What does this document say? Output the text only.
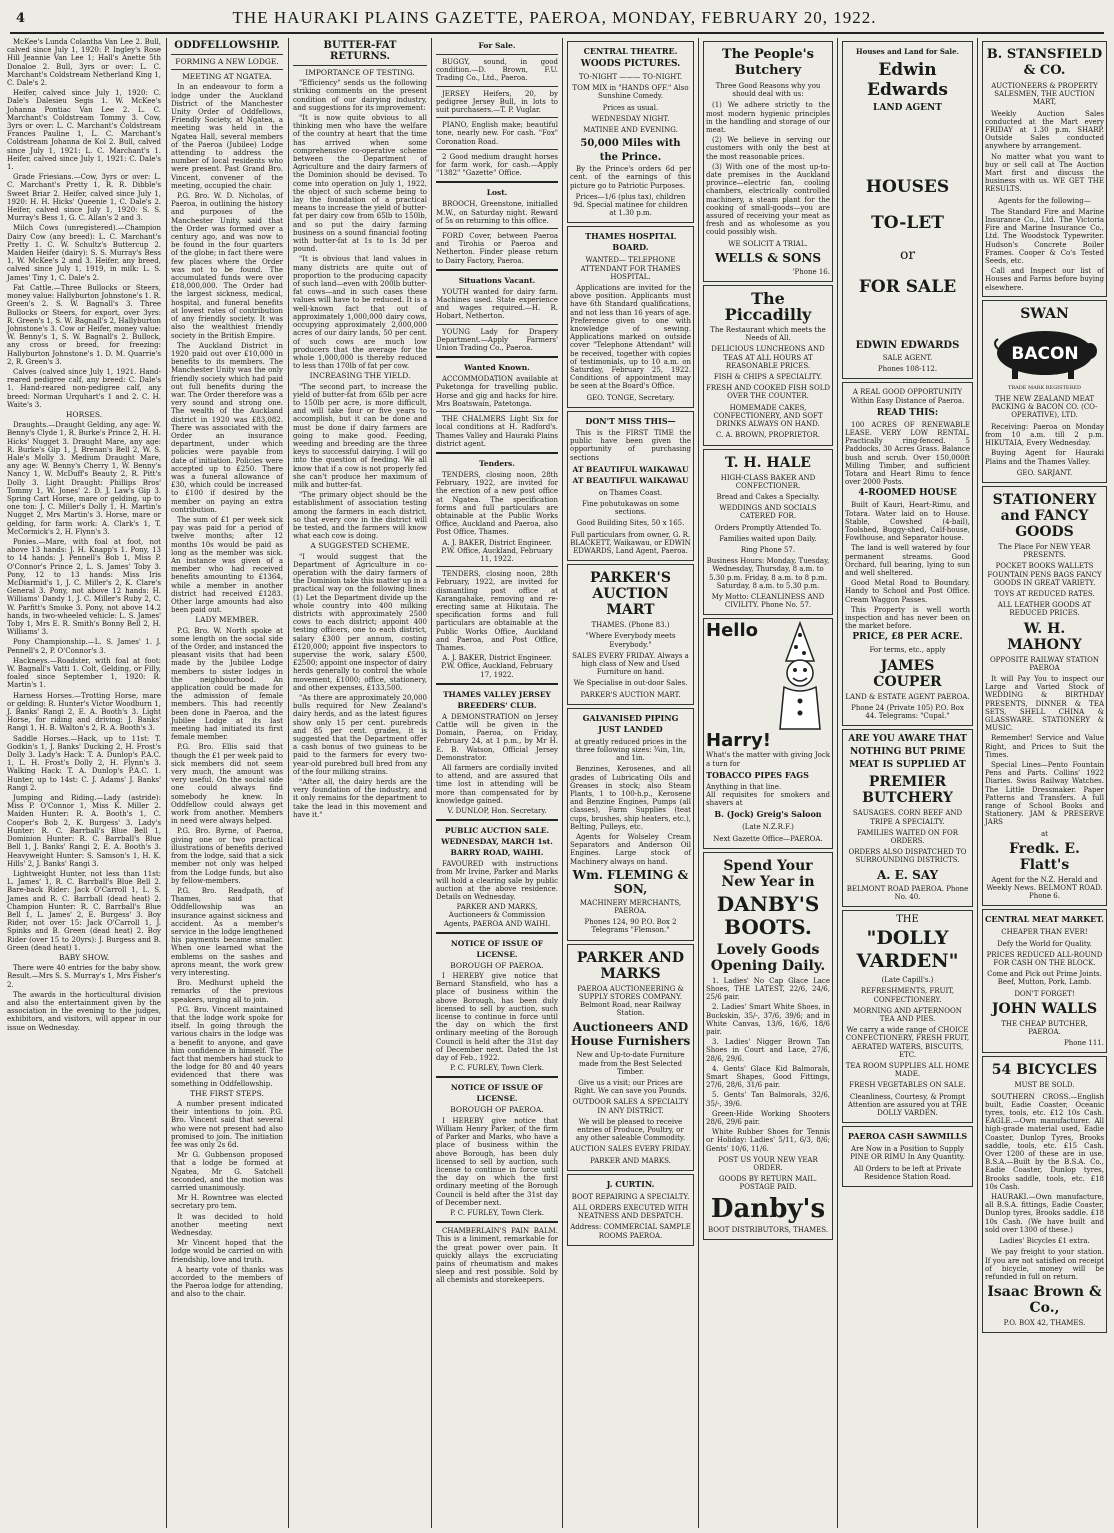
4	THE HAURAKI PLAINS GAZETTE, PAEROA, MONDAY, FEBRUARY 20, 1922.

McKee's Lunda Colantha Van Lee 2. Bull, calved since July 1, 1920: P. Ingley's Rose Hill Jeannie Van Lee 1; Hall's Anette 5th Donaloe 2. Bull, 3yrs or over: L. C. Marchant's Coldstream Netherland King 1, C. Dale's 2.

Heifer, calved since July 1, 1920: C. Dale's Dalesieu Segis 1. W. McKee's Johanna Pontiac Van Lee 2. L. C. Marchant's Coldstream Tommy 3. Cow, 3yrs or over: L. C. Marchant's Coldstream Frances Pauline 1, L. C. Marchant's Coldstream Johanna de Kol 2. Bull, calved since July 1, 1921: L. C. Marchant's 1. Heifer, calved since July 1, 1921: C. Dale's 1.

Grade Friesians.—Cow, 3yrs or over: L. C. Marchant's Pretty 1, R. R. Dibble's Sweet Briar 2. Heifer, calved since July 1, 1920: H. H. Hicks' Queenie 1, C. Dale's 2. Heifer, calved since July 1, 1920: S. S. Murray's Bess 1, G. C. Allan's 2 and 3.

Milch Cows (unregistered).—Champion Dairy Cow (any breed): L. C. Marchant's Pretty 1. C. W. Schultz's Buttercup 2. Maiden Heifer (dairy): S. S. Murray's Bess 1, W. McKee's 2 and 3. Heifer, any breed, calved since July 1, 1919, in milk: L. S. James' Tiny 1, C. Dale's 2.

Fat Cattle.—Three Bullocks or Steers, money value: Hallyburton Johnstone's 1. R. Green's 2. S. W. Bagnall's 3. Three Bullocks or Steers, for export, over 3yrs: R. Green's 1, S. W. Bagnall's 2, Hallyburton Johnstone's 3. Cow or Heifer, money value: W. Benny's 1, S. W. Bagnall's 2. Bullock, any cross or breed, for freezing: Hallyburton Johnstone's 1. D. M. Quarrie's 2, R. Green's 3.

Calves (calved since July 1, 1921. Hand-reared pedigree calf, any breed: C. Dale's 1. Hand-reared non-pedigree calf, any breed: Norman Urquhart's 1 and 2. C. H. Waite's 3.

HORSES.

Draughts.—Draught Gelding, any age: W. Benny's Clyde 1, R. Burke's Prince 2, H. H. Hicks' Nugget 3. Draught Mare, any age: R. Burke's Gip 1, J. Brenan's Bell 2, W. S. Hale's Molly 3. Medium Draught Mare, any age: W. Benny's Cherry 1, W. Benny's Nancy 1, W. McDuff's Beauty 2, R. Pitt's Dolly 3. Light Draught: Phillips Bros' Tommy 1, W. Jones' 2. D. J. Law's Gip 3. Spring Cart Horse, mare or gelding, up to one ton: J. C. Miller's Dolly 1, H. Martin's Nugget 2, Mrs Martin's 3. Horse, mare or gelding, for farm work: A. Clark's 1, T. McCormick's 2, H. Flynn's 3.

Ponies.—Mare, with foal at foot, not above 13 hands: J. H. Knapp's 1. Pony, 13 to 14 hands: J. Pennell's Bob 1, Miss P. O'Connor's Prince 2, L. S. James' Toby 3. Pony, 12 to 13 hands: Miss Iris McDiarmid's 1, J. C. Miller's 2, K. Clare's General 3. Pony, not above 12 hands: H. Williams' Dandy 1, J. C. Miller's Ruby 2, C. W. Parfitt's Smoke 3. Pony, not above 14.2 hands, in two-wheeled vehicle: L. S. James' Toby 1, Mrs E. R. Smith's Bonny Bell 2, H. Williams' 3.

Pony Championship.—L. S. James' 1. J. Pennell's 2, P. O'Connor's 3.

Hackneys.—Roadster, with foal at foot: W. Bagnall's Vatti 1. Colt, Gelding, or Filly, foaled since September 1, 1920: R. Martin's 1.

Harness Horses.—Trotting Horse, mare or gelding: R. Hunter's Victor Woodburn 1, J. Banks' Rangi 2, E. A. Booth's 3. Light Horse, for riding and driving: J. Banks' Rangi 1, H. B. Walton's 2, R. A. Booth's 3.

Saddle Horses.—Hack, up to 11st: T. Godkin's 1, J. Banks' Ducking 2, H. Frost's Dolly 3. Lady's Hack: T. A. Dunlop's P.A.C. 1, L. H. Frost's Dolly 2, H. Flynn's 3. Walking Hack: T. A. Dunlop's P.A.C. 1. Hunter, up to 14st: C. J. Adams' J. Banks' Rangi 2.

Jumping and Riding.—Lady (astride): Miss P. O'Connor 1, Miss K. Miller 2. Maiden Hunter: R. A. Booth's 1, C. Cooper's Bob 2, K. Burgess' 3. Lady's Hunter: R. C. Barrball's Blue Bell 1, Dominion Hunter: R. C. Barrball's Blue Bell 1, J. Banks' Rangi 2, E. A. Booth's 3. Heavyweight Hunter: S. Samson's 1, H. K. Hills' 2, J. Banks' Rangi 3.

Lightweight Hunter, not less than 11st: L. James' 1, R. C. Barrball's Blue Bell 2. Bare-back Rider: Jack O'Carroll 1, L. S. James and R. C. Barrball (dead heat) 2. Champion Hunter: R. C. Barrball's Blue Bell 1, L. James' 2, E. Burgess' 3. Boy Rider, not over 15: Jack O'Carroll 1, J. Spinks and B. Green (dead heat) 2. Boy Rider (over 15 to 20yrs): J. Burgess and B. Green (dead heat) 1.

BABY SHOW.

There were 40 entries for the baby show. Result.—Mrs S. S. Murray's 1, Mrs Fisher's 2.

The awards in the horticultural division and also the entertainment given by the association in the evening to the judges, exhibitors, and visitors, will appear in our issue on Wednesday.

ODDFELLOWSHIP.
FORMING A NEW LODGE.
MEETING AT NGATEA.

In an endeavour to form a lodge under the Auckland District of the Manchester Unity Order of Oddfellows, Friendly Society, at Ngatea, a meeting was held in the Ngatea Hall, several members of the Paeroa (Jubilee) Lodge attending to address the number of local residents who were present. Past Grand Bro. Vincent, convener of the meeting, occupied the chair.

P.G. Bro. W. D. Nicholas, of Paeroa, in outlining the history and purposes of the Manchester Unity, said that the Order was formed over a century ago, and was now to be found in the four quarters of the globe; in fact there were few places where the Order was not to be found. The accumulated funds were over £18,000,000. The Order had the largest sickness, medical, hospital, and funeral benefits at lowest rates of contribution of any friendly society. It was also the wealthiest friendly society in the British Empire.

The Auckland District in 1920 paid out over £10,000 in benefits to its members. The Manchester Unity was the only friendly society which had paid out full benefits during the war. The Order therefore was a very sound and strong one. The wealth of the Auckland district in 1920 was £83,082. There was associated with the Order an insurance department, under which policies were payable from date of initiation. Policies were accepted up to £250. There was a funeral allowance of £30, which could be increased to £100 if desired by the member on paying an extra contribution.

The sum of £1 per week sick pay was paid for a period of twelve months; after 12 months 10s would be paid as long as the member was sick. An instance was given of a member who had received benefits amounting to £1364, while a member in another district had received £1283. Other large amounts had also been paid out.

LADY MEMBER.

P.G. Bro. W. North spoke at some length on the social side of the Order, and instanced the pleasant visits that had been made by the Jubilee Lodge members to sister lodges in the neighbourhood. An application could be made for the admission of female members. This had recently been done in Paeroa, and the Jubilee Lodge at its last meeting had initiated its first female member.

P.G. Bro. Ellis said that though the £1 per week paid to sick members did not seem very much, the amount was very useful. On the social side one could always find somebody he knew. In Oddfellow could always get work from another. Members in need were always helped.

P.G. Bro. Byrne, of Paeroa, giving one or two practical illustrations of benefits derived from the lodge, said that a sick member not only was helped from the Lodge funds, but also by fellow-members.

P.G. Bro. Readpath, of Thames, said that Oddfellowship was an insurance against sickness and accident. As a member's service in the lodge lengthened his payments became smaller. When one learned what the emblems on the sashes and aprons meant, the work grew very interesting.

Bro. Medhurst upheld the remarks of the previous speakers, urging all to join.

P.G. Bro. Vincent maintained that the lodge work spoke for itself. In going through the various chairs in the lodge was a benefit to anyone, and gave him confidence in himself. The fact that members had stuck to the lodge for 80 and 40 years evidenced that there was something in Oddfellowship.

THE FIRST STEPS.

A number present indicated their intentions to join. P.G. Bro. Vincent said that several who were not present had also promised to join. The initiation fee was only 2s 6d.

Mr G. Gubbenson proposed that a lodge be formed at Ngatea, Mr G. Satchell seconded, and the motion was carried unanimously.

Mr H. Rowntree was elected secretary pro tem.

It was decided to hold another meeting next Wednesday.

Mr Vincent hoped that the lodge would be carried on with friendship, love and truth.

A hearty vote of thanks was accorded to the members of the Paeroa lodge for attending, and also to the chair.

BUTTER-FAT RETURNS.
IMPORTANCE OF TESTING.

"Efficiency" sends us the following striking comments on the present condition of our dairying industry, and suggestions for its improvement:

"It is now quite obvious to all thinking men who have the welfare of the country at heart that the time has arrived when some comprehensive co-operative scheme between the Department of Agriculture and the dairy farmers of the Dominion should be devised. To come into operation on July 1, 1922, the object of such scheme being to lay the foundation of a practical means to increase the yield of butter-fat per dairy cow from 65lb to 150lb, and so put the dairy farming business on a sound financial footing with butter-fat at 1s to 1s 3d per pound.

"It is obvious that land values in many districts are quite out of proportion to the producing capacity of such land—even with 200lb butter-fat cows—and in such cases these values will have to be reduced. It is a well-known fact that out of approximately 1,000,000 dairy cows, occupying approximately 2,000,000 acres of our dairy lands, 50 per cent. of such cows are much low producers that the average for the whole 1,000,000 is thereby reduced to less than 170lb of fat per cow.

INCREASING THE YIELD.

"The second part, to increase the yield of butter-fat from 65lb per acre to 150lb per acre, is more difficult, and will take four or five years to accomplish, but it can be done and must be done if dairy farmers are going to make good. Feeding, weeding and breeding are the three keys to successful dairying. I will go into the question of feeding. We all know that if a cow is not properly fed she can't produce her maximum of milk and butter-fat.

"The primary object should be the establishment of association testing among the farmers in each district, so that every cow in the district will be tested, and the farmers will know what each cow is doing.

A SUGGESTED SCHEME.

"I would suggest that the Department of Agriculture in co-operation with the dairy farmers of the Dominion take this matter up in a practical way on the following lines: (1) Let the Department divide up the whole country into 400 milking districts with approximately 2500 cows to each district; appoint 400 testing officers, one to each district, salary £300 per annum, costing £120,000; appoint five inspectors to supervise the work, salary £500, £2500; appoint one inspector of dairy herds generally to control the whole movement, £1000; office, stationery, and other expenses, £133,500.

"As there are approximately 20,000 bulls required for New Zealand's dairy herds, and as the latest figures show only 15 per cent. purebreds and 85 per cent. grades, it is suggested that the Department offer a cash bonus of two guineas to be paid to the farmers for every two-year-old purebred bull bred from any of the four milking strains.

"After all, the dairy herds are the very foundation of the industry, and it only remains for the department to take the lead in this movement and have it."

For Sale.

BUGGY, sound, in good condition.—D. Brown, F.U. Trading Co., Ltd., Paeroa.

JERSEY Heifers, 20, by pedigree Jersey Bull, in lots to suit purchasers.—T. P. Vuglar.

PIANO, English make; beautiful tone, nearly new. For cash. "Fox" Coronation Road.

2 Good medium draught horses for farm work, for cash.—Apply "1382" "Gazette" Office.

Lost.

BROOCH, Greenstone, initialled M.W., on Saturday night. Reward of 5s on returning to this office.

FORD Cover, between Paeroa and Tirohia or Paeroa and Netherton. Finder please return to Dairy Factory, Paeroa.

Situations Vacant.

YOUTH wanted for dairy farm. Machines used. State experience and wages required.—H. R. Hobart, Netherton.

YOUNG Lady for Drapery Department.—Apply Farmers' Union Trading Co., Paeroa.

Wanted Known.

ACCOMMODATION available at Puketonga for travelling public. Horse and gig and hacks for hire. Mrs Boatswain, Patetonga.

THE CHALMERS Light Six for local conditions at H. Radford's. Thames Valley and Hauraki Plains district agent.

Tenders.

TENDERS, closing noon, 28th February, 1922, are invited for the erection of a new post office at Ngatea. The specification forms and full particulars are obtainable at the Public Works Office, Auckland and Paeroa, also Post Office, Thames.

A. J. BAKER, District Engineer. P.W. Office, Auckland, February 11, 1922.

TENDERS, closing noon, 28th February, 1922, are invited for dismantling post office at Karangahake, removing and re-erecting same at Hikutaia. The specification forms and full particulars are obtainable at the Public Works Office, Auckland and Paeroa, and Post Office, Thames.

A. J. BAKER, District Engineer. P.W. Office, Auckland, February 17, 1922.

THAMES VALLEY JERSEY BREEDERS' CLUB.

A DEMONSTRATION on Jersey Cattle will be given in the Domain, Paeroa, on Friday, February 24, at 1 p.m., by Mr H. E. B. Watson, Official Jersey Demonstrator.

All farmers are cordially invited to attend, and are assured that time lost in attending will be more than compensated for by knowledge gained.

V. DUNLOP, Hon. Secretary.

PUBLIC AUCTION SALE. WEDNESDAY, MARCH 1st. BARRY ROAD, WAIHI.

FAVOURED with instructions from Mr Irvine, Parker and Marks will hold a clearing sale by public auction at the above residence. Details on Wednesday.

PARKER AND MARKS, Auctioneers & Commission Agents, PAEROA AND WAIHI.

NOTICE OF ISSUE OF LICENSE.
BOROUGH OF PAEROA.

I HEREBY give notice that Bernard Stansfield, who has a place of business within the above Borough, has been duly licensed to sell by auction, such license to continue in force until the day on which the first ordinary meeting of the Borough Council is held after the 31st day of December next. Dated the 1st day of Feb., 1922.

P. C. FURLEY, Town Clerk.

NOTICE OF ISSUE OF LICENSE.
BOROUGH OF PAEROA.

I HEREBY give notice that William Henry Parker, of the firm of Parker and Marks, who have a place of business within the above Borough, has been duly licensed to sell by auction, such license to continue in force until the day on which the first ordinary meeting of the Borough Council is held after the 31st day of December next.

P. C. FURLEY, Town Clerk.

CHAMBERLAIN'S PAIN BALM. This is a liniment, remarkable for the great power over pain. It quickly allays the excruciating pains of rheumatism and makes sleep and rest possible. Sold by all chemists and storekeepers.

CENTRAL THEATRE.
WOODS PICTURES.
TO-NIGHT ——— TO-NIGHT.
TOM MIX in "HANDS OFF." Also Sunshine Comedy.
Prices as usual.
WEDNESDAY NIGHT.
MATINEE AND EVENING.
50,000 Miles with the Prince.

By the Prince's orders 6d per cent. of the earnings of this picture go to Patriotic Purposes.

Prices—1/6 (plus tax), children 9d. Special matinee for children at 1.30 p.m.
THAMES HOSPITAL BOARD.
WANTED— TELEPHONE ATTENDANT FOR THAMES HOSPITAL.

Applications are invited for the above position. Applicants must have 6th Standard qualifications, and not less than 16 years of age. Preference given to one with knowledge of sewing. Applications marked on outside cover "Telephone Attendant" will be received, together with copies of testimonials, up to 10 a.m. on Saturday, February 25, 1922. Conditions of appointment may be seen at the Board's Office.

GEO. TONGE, Secretary.
DON'T MISS THIS—

This is the FIRST TIME the public have been given the opportunity of purchasing sections

AT BEAUTIFUL WAIKAWAU AT BEAUTIFUL WAIKAWAU
on Thames Coast.
Fine pohutukawas on some sections.
Good Building Sites, 50 x 165.
Full particulars from owner, G. R. BLACKETT, Waikawau, or EDWIN EDWARDS, Land Agent, Paeroa.
PARKER'S AUCTION MART
THAMES. (Phone 83.)
"Where Everybody meets Everybody."
SALES EVERY FRIDAY. Always a high class of New and Used Furniture on hand.
We Specialise in out-door Sales.
PARKER'S AUCTION MART.
GALVANISED PIPING JUST LANDED
at greatly reduced prices in the three following sizes: ¾in, 1in, and 1in.

Benzines, Kerosenes, and all grades of Lubricating Oils and Greases in stock; also Steam Plants, 1 to 100-h.p., Kerosene and Benzine Engines, Pumps (all classes), Farm Supplies (teat cups, brushes, ship heaters, etc.), Belting, Pulleys, etc.

Agents for Wolseley Cream Separators and Anderson Oil Engines. Large stock of Machinery always on hand.

Wm. FLEMING & SON,
MACHINERY MERCHANTS, PAEROA.
Phones 124, 90 P.O. Box 2 Telegrams "Flemson."
PARKER AND MARKS
PAEROA AUCTIONEERING & SUPPLY STORES COMPANY. Belmont Road, near Railway Station.
Auctioneers AND House Furnishers
New and Up-to-date Furniture made from the Best Selected Timber.
Give us a visit; our Prices are Right. We can save you Pounds.
OUTDOOR SALES A SPECIALTY IN ANY DISTRICT.
We will be pleased to receive entries of Produce, Poultry, or any other saleable Commodity.
AUCTION SALES EVERY FRIDAY.
PARKER AND MARKS.
J. CURTIN.
BOOT REPAIRING A SPECIALTY.
ALL ORDERS EXECUTED WITH NEATNESS AND DESPATCH.
Address: COMMERCIAL SAMPLE ROOMS PAEROA.
The People's Butchery
Three Good Reasons why you should deal with us:

(1) We adhere strictly to the most modern hygienic principles in the handling and storage of our meat.

(2) We believe in serving our customers with only the best at the most reasonable prices.

(3) With one of the most up-to-date premises in the Auckland province—electric fan, cooling chambers, electrically controlled machinery, a steam plant for the cooking of small-goods—you are assured of receiving your meat as fresh and as wholesome as you could possibly wish.

WE SOLICIT A TRIAL.
WELLS & SONS
'Phone 16.
The Piccadilly
The Restaurant which meets the Needs of All.
DELICIOUS LUNCHEONS AND TEAS AT ALL HOURS AT REASONABLE PRICES.
FISH & CHIPS A SPECIALITY.
FRESH AND COOKED FISH SOLD OVER THE COUNTER.
HOMEMADE CAKES, CONFECTIONERY, AND SOFT DRINKS ALWAYS ON HAND.
C. A. BROWN, PROPRIETOR.
T. H. HALE
HIGH-CLASS BAKER AND CONFECTIONER.
Bread and Cakes a Specialty.
WEDDINGS AND SOCIALS CATERED FOR.
Orders Promptly Attended To.
Families waited upon Daily.
Ring Phone 57.
Business Hours: Monday, Tuesday, Wednesday, Thursday, 8 a.m. to 5.30 p.m. Friday, 8 a.m. to 8 p.m. Saturday, 8 a.m. to 5.30 p.m.
My Motto: CLEANLINESS AND CIVILITY. Phone No. 57.
Hello Harry!
What's the matter with giving Jock a turn for
TOBACCO PIPES FAGS
Anything in that line.
All requisites for smokers and shavers at
B. (Jock) Greig's Saloon
(Late N.Z.R.F.)
Next Gazette Office—PAEROA.
Spend Your New Year in
DANBY'S BOOTS.
Lovely Goods Opening Daily.

1. Ladies' No Cap Glace Lace Shoes, THE LATEST, 22/6, 24/6, 25/6 pair.

2. Ladies' Smart White Shoes, in Buckskin, 35/-, 37/6, 39/6; and in White Canvas, 13/6, 16/6, 18/6 pair.

3. Ladies' Nigger Brown Tan Shoes in Court and Lace, 27/6, 28/6, 29/6.

4. Gents' Glace Kid Balmorals, Smart Shapes, Good Fittings, 27/6, 28/6, 31/6 pair.

5. Gents' Tan Balmorals, 32/6, 35/-, 39/6.

Green-Hide Working Shooters 28/6, 29/6 pair.

White Rubber Shoes for Tennis or Holiday: Ladies' 5/11, 6/3, 8/6; Gents' 10/6, 11/6.

POST US YOUR NEW YEAR ORDER.
GOODS BY RETURN MAIL. POSTAGE PAID.
Danby's
BOOT DISTRIBUTORS, THAMES.
Houses and Land for Sale.
Edwin Edwards
LAND AGENT
HOUSES
TO-LET
or
FOR SALE
EDWIN EDWARDS
SALE AGENT.
Phones 108-112.
A REAL GOOD OPPORTUNITY Within Easy Distance of Paeroa.
READ THIS:

100 ACRES OF RENEWABLE LEASE. VERY LOW RENTAL. Practically ring-fenced. 5 Paddocks, 30 Acres Grass. Balance bush and scrub. Over 150,000ft Milling Timber, and sufficient Totara and Heart Rimu to fence over 2000 Posts.

4-ROOMED HOUSE

Built of Kauri, Heart-Rimu, and Totara. Water laid on to House. Stable, Cowshed (4-bail), Toolshed, Buggy-shed, Calf-house, Fowlhouse, and Separator house.

The land is well watered by four permanent streams. Good Orchard, full bearing, lying to sun and well sheltered.

Good Metal Road to Boundary. Handy to School and Post Office. Cream Waggon Passes.

This Property is well worth inspection and has never been on the market before.

PRICE, £8 PER ACRE.
For terms, etc., apply
JAMES COUPER
LAND & ESTATE AGENT PAEROA.
Phone 24 (Private 105) P.O. Box 44. Telegrams: "Cupal."
ARE YOU AWARE THAT
NOTHING BUT PRIME
MEAT IS SUPPLIED AT
PREMIER BUTCHERY
SAUSAGES. CORN BEEF AND TRIPE A SPECIALTY.
FAMILIES WAITED ON FOR ORDERS.
ORDERS ALSO DISPATCHED TO SURROUNDING DISTRICTS.
A. E. SAY
BELMONT ROAD PAEROA. Phone No. 40.
THE
"DOLLY VARDEN"
(Late Capill's.)
REFRESHMENTS, FRUIT, CONFECTIONERY.
MORNING AND AFTERNOON TEA AND PIES.
We carry a wide range of CHOICE CONFECTIONERY, FRESH FRUIT, AERATED WATERS, BISCUITS, ETC.
TEA ROOM SUPPLIES ALL HOME MADE.
FRESH VEGETABLES ON SALE.
Cleanliness, Courtesy, & Prompt Attention are assured you at THE DOLLY VARDEN.
PAEROA CASH SAWMILLS
Are Now in a Position to Supply PINE OR RIMU In Any Quantity.
All Orders to be left at Private Residence Station Road.
B. STANSFIELD & CO.
AUCTIONEERS & PROPERTY SALESMEN, THE AUCTION MART,

Weekly Auction Sales conducted at the Mart every FRIDAY at 1.30 p.m. SHARP. Outside Sales conducted anywhere by arrangement.

No matter what you want to buy or sell call at The Auction Mart first and discuss the business with us. WE GET THE RESULTS.

Agents for the following—

The Standard Fire and Marine Insurance Co., Ltd. The Victoria Fire and Marine Insurance Co., Ltd. The Woodstock Typewriter. Hudson's Concrete Boiler Frames. Cooper & Co's Tested Seeds, etc.

Call and Inspect our list of Houses and Farms before buying elsewhere.

SWAN
BACON
TRADE MARK REGISTERED
THE NEW ZEALAND MEAT PACKING & BACON CO. (CO-OPERATIVE), LTD.

Receiving: Paeroa on Monday from 10 a.m. till 2 p.m. HIKUTAIA, Every Wednesday.

Buying Agent for Hauraki Plains and the Thames Valley.

GEO. SARJANT.
STATIONERY and FANCY GOODS
The Place For NEW YEAR PRESENTS.
POCKET BOOKS WALLETS FOUNTAIN PENS BAGS FANCY GOODS IN GREAT VARIETY.
TOYS AT REDUCED RATES.
ALL LEATHER GOODS AT REDUCED PRICES.
W. H. MAHONY
OPPOSITE RAILWAY STATION PAEROA

It will Pay You to inspect our Large and Varied Stock of WEDDING & BIRTHDAY PRESENTS, DINNER & TEA SETS, SHELL CHINA & GLASSWARE. STATIONERY & MUSIC.

Remember! Service and Value Right, and Prices to Suit the Times.

Special Lines—Pento Fountain Pens and Parts. Collins' 1922 Diaries. Swiss Railway Watches. The Little Dressmaker. Paper Patterns and Transfers. A full range of School Books and Stationery. JAM & PRESERVE JARS

at
Fredk. E. Flatt's
Agent for the N.Z. Herald and Weekly News. BELMONT ROAD. Phone 6.
CENTRAL MEAT MARKET.
CHEAPER THAN EVER!
Defy the World for Quality.
PRICES REDUCED ALL-ROUND FOR CASH ON THE BLOCK.
Come and Pick out Prime Joints. Beef, Mutton, Pork, Lamb.
DON'T FORGET!
JOHN WALLS
THE CHEAP BUTCHER, PAEROA.
Phone 111.
54 BICYCLES
MUST BE SOLD.

SOUTHERN CROSS.—English built, Eadie Coaster, Oceanic tyres, tools, etc. £12 10s Cash. EAGLE.—Own manufacturer. All high-grade material used, Eadie Coaster, Dunlop Tyres, Brooks saddle, tools, etc. £15 Cash. Over 1200 of these are in use. B.S.A.—Built by the B.S.A. Co., Eadie Coaster, Dunlop tyres, Brooks saddle, tools, etc. £18 10s Cash.

HAURAKI.—Own manufacture, all B.S.A. fittings, Eadie Coaster, Dunlop tyres, Brooks saddle. £18 10s Cash. (We have built and sold over 1300 of these.)

Ladies' Bicycles £1 extra.

We pay freight to your station. If you are not satisfied on receipt of bicycle, money will be refunded in full on return.

Isaac Brown & Co.,
P.O. BOX 42, THAMES.
